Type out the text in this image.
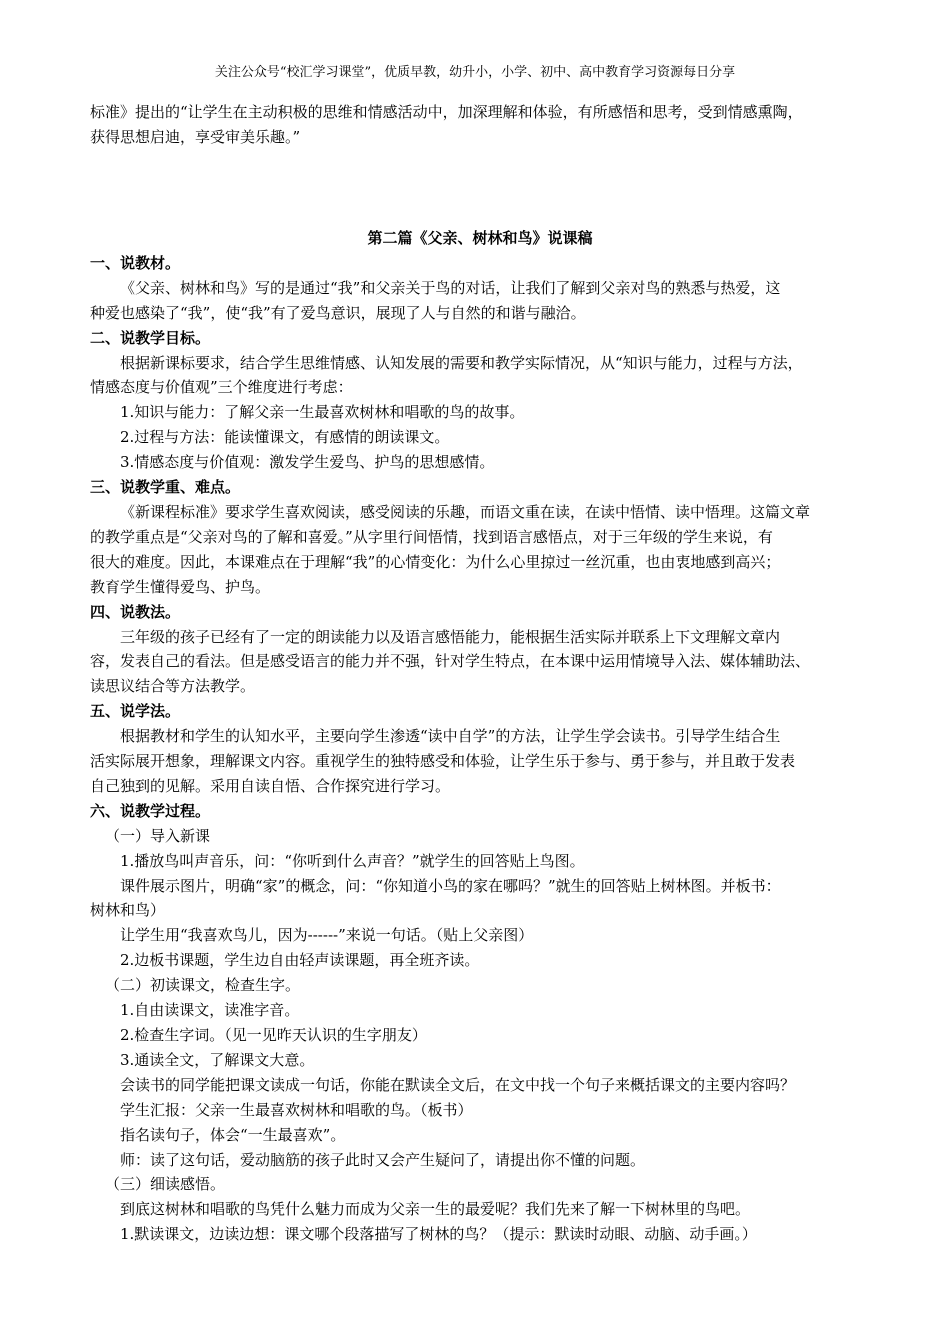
关注公众号“校汇学习课堂”，优质早教，幼升小，小学、初中、高中教育学习资源每日分享

标准》提出的“让学生在主动积极的思维和情感活动中，加深理解和体验，有所感悟和思考，受到情感熏陶，

获得思想启迪，享受审美乐趣。”

第二篇《父亲、树林和鸟》说课稿

一、说教材。

《父亲、树林和鸟》写的是通过“我”和父亲关于鸟的对话，让我们了解到父亲对鸟的熟悉与热爱，这

种爱也感染了“我”，使“我”有了爱鸟意识，展现了人与自然的和谐与融洽。

二、说教学目标。

根据新课标要求，结合学生思维情感、认知发展的需要和教学实际情况，从“知识与能力，过程与方法，

情感态度与价值观”三个维度进行考虑：

1.知识与能力：了解父亲一生最喜欢树林和唱歌的鸟的故事。

2.过程与方法：能读懂课文，有感情的朗读课文。

3.情感态度与价值观：激发学生爱鸟、护鸟的思想感情。

三、说教学重、难点。

《新课程标准》要求学生喜欢阅读，感受阅读的乐趣，而语文重在读，在读中悟情、读中悟理。这篇文章

的教学重点是“父亲对鸟的了解和喜爱。”从字里行间悟情，找到语言感悟点，对于三年级的学生来说，有

很大的难度。因此，本课难点在于理解“我”的心情变化：为什么心里掠过一丝沉重，也由衷地感到高兴；

教育学生懂得爱鸟、护鸟。

四、说教法。

三年级的孩子已经有了一定的朗读能力以及语言感悟能力，能根据生活实际并联系上下文理解文章内

容，发表自己的看法。但是感受语言的能力并不强，针对学生特点，在本课中运用情境导入法、媒体辅助法、

读思议结合等方法教学。

五、说学法。

根据教材和学生的认知水平，主要向学生渗透“读中自学”的方法，让学生学会读书。引导学生结合生

活实际展开想象，理解课文内容。重视学生的独特感受和体验，让学生乐于参与、勇于参与，并且敢于发表

自己独到的见解。采用自读自悟、合作探究进行学习。

六、说教学过程。

（一）导入新课

1.播放鸟叫声音乐，问：“你听到什么声音？”就学生的回答贴上鸟图。

课件展示图片，明确“家”的概念，问：“你知道小鸟的家在哪吗？”就生的回答贴上树林图。并板书：

树林和鸟）

让学生用“我喜欢鸟儿，因为------”来说一句话。（贴上父亲图）

2.边板书课题，学生边自由轻声读课题，再全班齐读。

（二）初读课文，检查生字。

1.自由读课文，读准字音。

2.检查生字词。（见一见昨天认识的生字朋友）

3.通读全文，了解课文大意。

会读书的同学能把课文读成一句话，你能在默读全文后，在文中找一个句子来概括课文的主要内容吗？

学生汇报：父亲一生最喜欢树林和唱歌的鸟。（板书）

指名读句子，体会“一生最喜欢”。

师：读了这句话，爱动脑筋的孩子此时又会产生疑问了，请提出你不懂的问题。

（三）细读感悟。

到底这树林和唱歌的鸟凭什么魅力而成为父亲一生的最爱呢？我们先来了解一下树林里的鸟吧。

1.默读课文，边读边想：课文哪个段落描写了树林的鸟？（提示：默读时动眼、动脑、动手画。）
